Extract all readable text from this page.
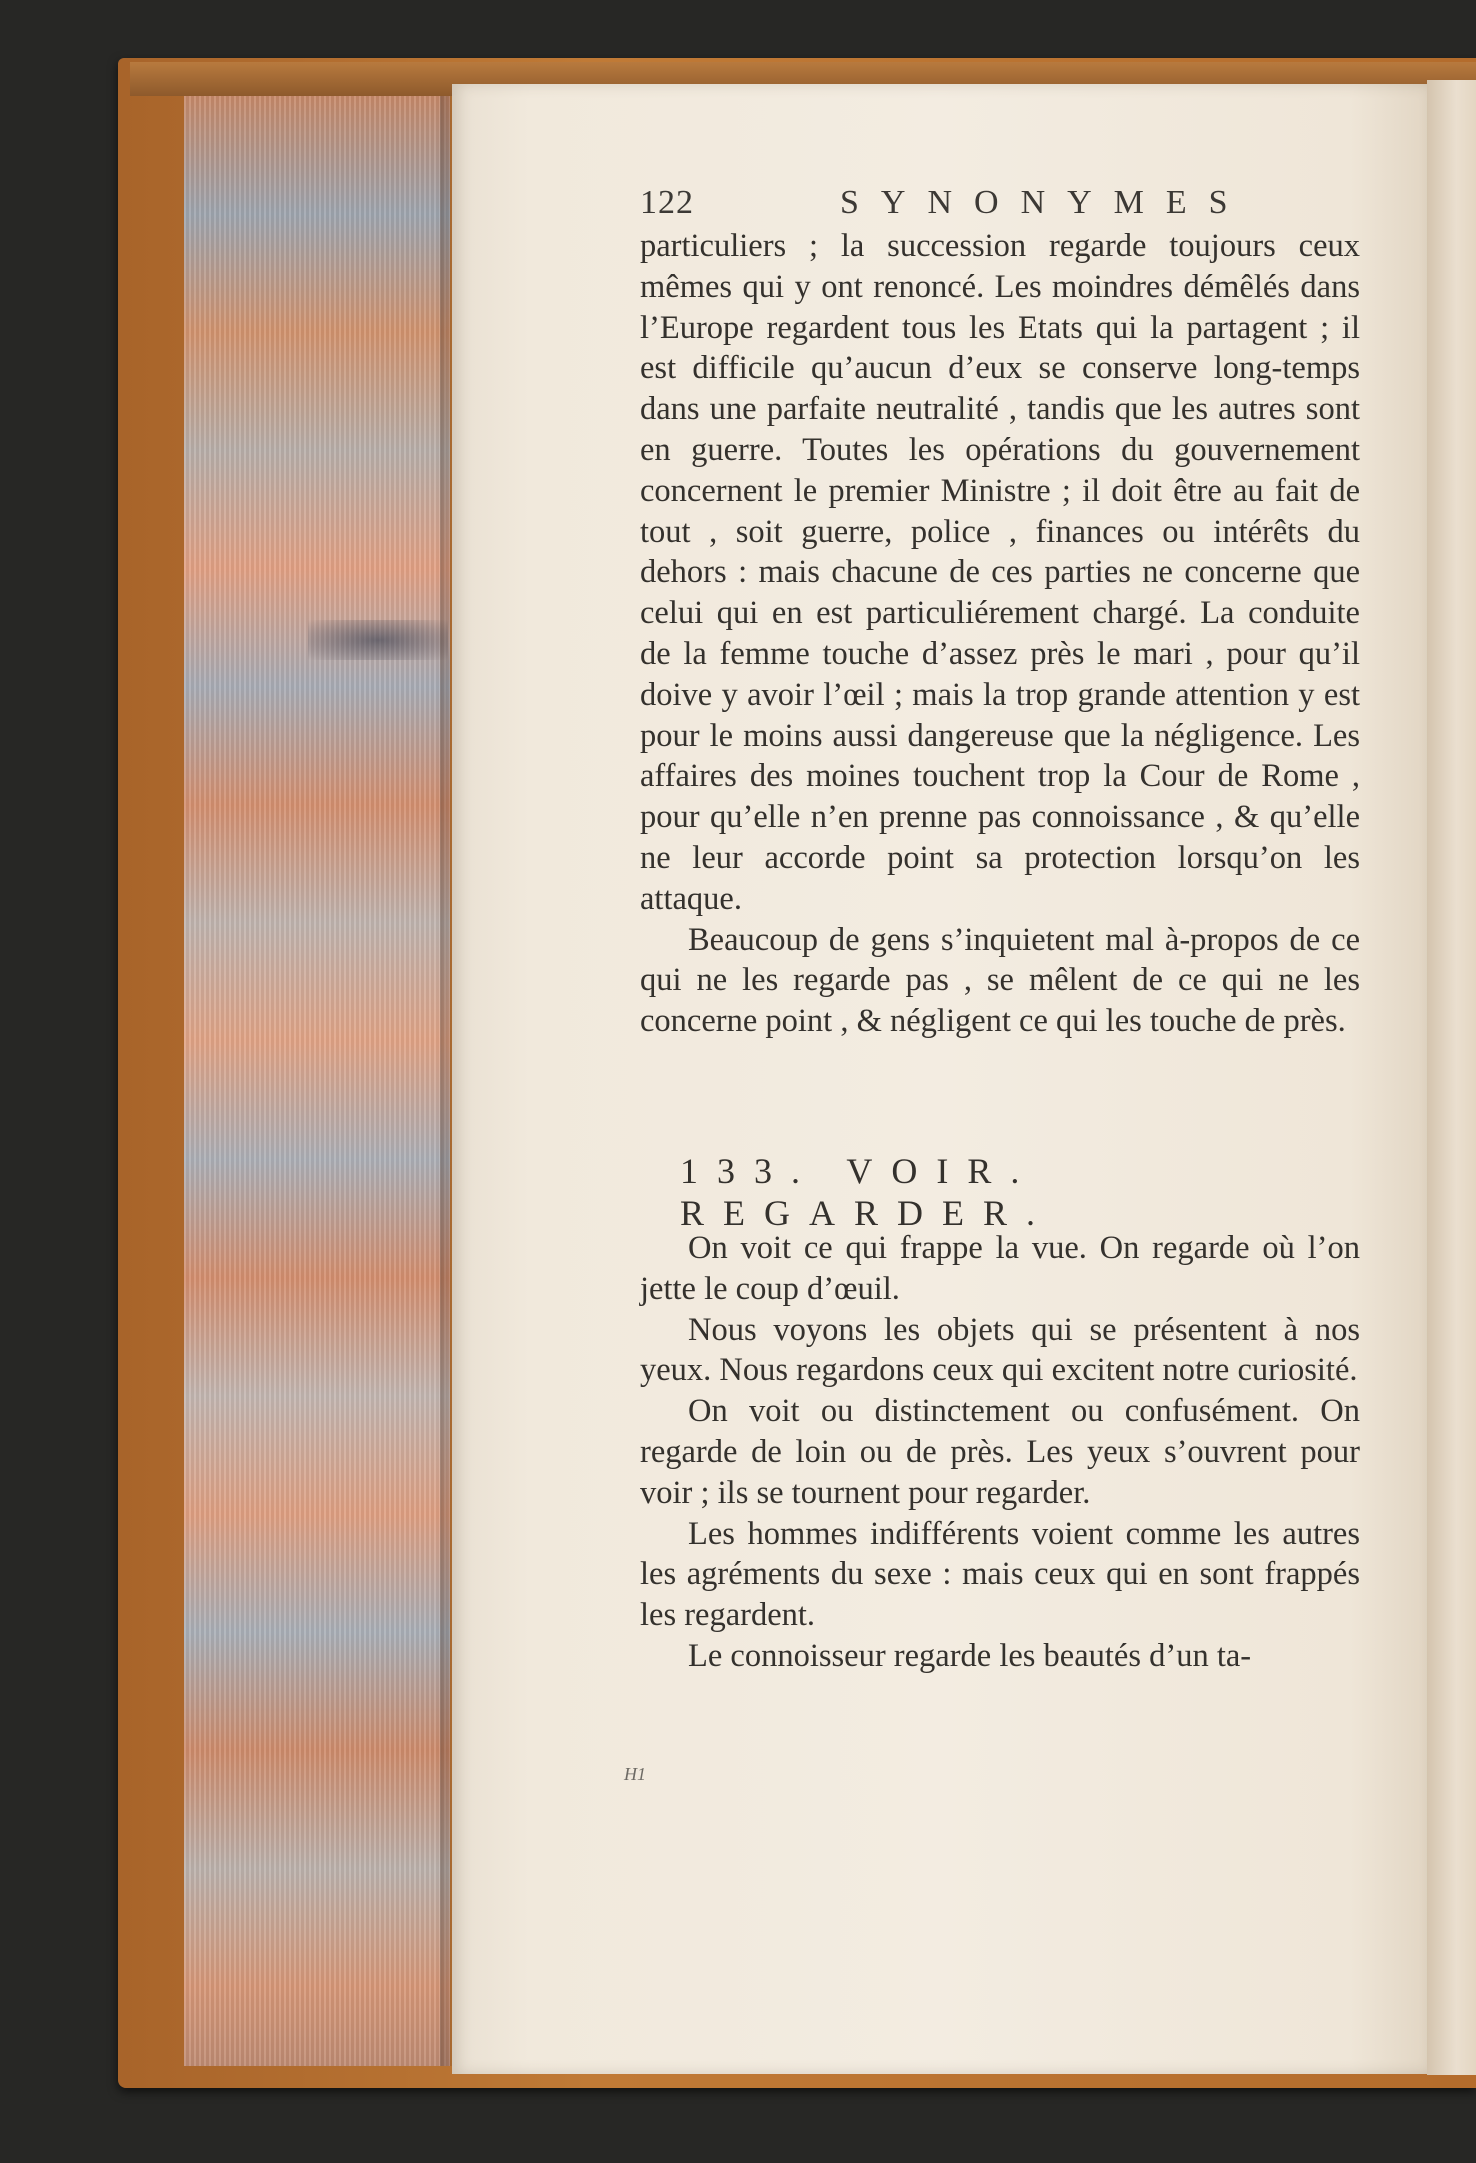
122	SYNONYMES

particuliers ; la succession regarde toujours ceux mêmes qui y ont renoncé. Les moindres démêlés dans l’Europe regardent tous les Etats qui la partagent ; il est difficile qu’aucun d’eux se conserve long-temps dans une parfaite neutralité , tandis que les autres sont en guerre. Toutes les opérations du gouvernement concernent le premier Ministre ; il doit être au fait de tout , soit guerre, police , finances ou intérêts du dehors : mais chacune de ces parties ne concerne que celui qui en est particuliérement chargé. La conduite de la femme touche d’assez près le mari , pour qu’il doive y avoir l’œil ; mais la trop grande attention y est pour le moins aussi dangereuse que la négligence. Les affaires des moines touchent trop la Cour de Rome , pour qu’elle n’en prenne pas connoissance , & qu’elle ne leur accorde point sa protection lorsqu’on les attaque.

Beaucoup de gens s’inquietent mal à-propos de ce qui ne les regarde pas , se mêlent de ce qui ne les concerne point , & négligent ce qui les touche de près.

133. VOIR. REGARDER.

On voit ce qui frappe la vue. On regarde où l’on jette le coup d’œuil.

Nous voyons les objets qui se présentent à nos yeux. Nous regardons ceux qui excitent notre curiosité.

On voit ou distinctement ou confusément. On regarde de loin ou de près. Les yeux s’ouvrent pour voir ; ils se tournent pour regarder.

Les hommes indifférents voient comme les autres les agréments du sexe : mais ceux qui en sont frappés les regardent.

Le connoisseur regarde les beautés d’un ta-

H1
